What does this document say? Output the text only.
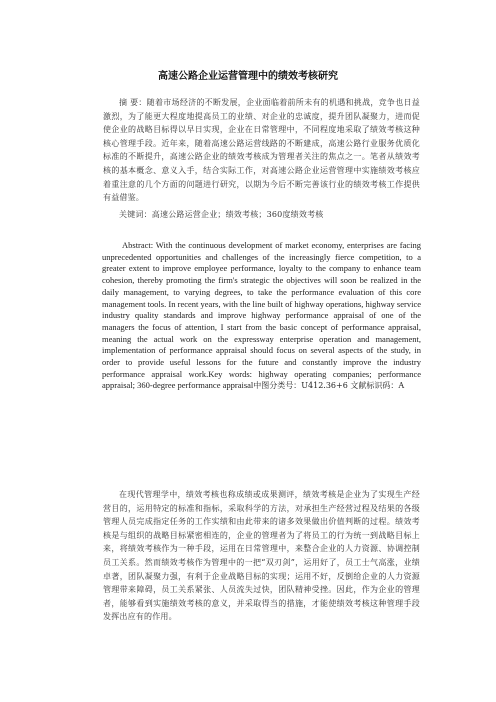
高速公路企业运营管理中的绩效考核研究
摘 要：随着市场经济的不断发展，企业面临着前所未有的机遇和挑战，竞争也日益激烈，为了能更大程度地提高员工的业绩、对企业的忠诚度，提升团队凝聚力，进而促使企业的战略目标得以早日实现，企业在日常管理中，不同程度地采取了绩效考核这种核心管理手段。近年来，随着高速公路运营线路的不断建成，高速公路行业服务优质化标准的不断提升，高速公路企业的绩效考核成为管理者关注的焦点之一。笔者从绩效考核的基本概念、意义入手，结合实际工作，对高速公路企业运营管理中实施绩效考核应着重注意的几个方面的问题进行研究，以期为今后不断完善该行业的绩效考核工作提供有益借鉴。
关键词：高速公路运营企业；绩效考核；360度绩效考核
Abstract: With the continuous development of market economy, enterprises are facing unprecedented opportunities and challenges of the increasingly fierce competition, to a greater extent to improve employee performance, loyalty to the company to enhance team cohesion, thereby promoting the firm's strategic the objectives will soon be realized in the daily management, to varying degrees, to take the performance evaluation of this core management tools. In recent years, with the line built of highway operations, highway service industry quality standards and improve highway performance appraisal of one of the managers the focus of attention, I start from the basic concept of performance appraisal, meaning the actual work on the expressway enterprise operation and management, implementation of performance appraisal should focus on several aspects of the study, in order to provide useful lessons for the future and constantly improve the industry performance appraisal work.Key words: highway operating companies; performance appraisal; 360-degree performance appraisal中图分类号：U412.36+6 文献标识码：A
在现代管理学中，绩效考核也称成绩或成果测评，绩效考核是企业为了实现生产经营目的，运用特定的标准和指标，采取科学的方法，对承担生产经营过程及结果的各级管理人员完成指定任务的工作实绩和由此带来的诸多效果做出价值判断的过程。绩效考核是与组织的战略目标紧密相连的，企业的管理者为了将员工的行为统一到战略目标上来，将绩效考核作为一种手段，运用在日常管理中，来整合企业的人力资源、协调控制员工关系。然而绩效考核作为管理中的一把“双刃剑”，运用好了，员工士气高涨，业绩卓著，团队凝聚力强，有利于企业战略目标的实现；运用不好，反倒给企业的人力资源管理带来障碍，员工关系紧张、人员流失过快，团队精神受挫。因此，作为企业的管理者，能够看到实施绩效考核的意义，并采取得当的措施，才能使绩效考核这种管理手段发挥出应有的作用。
